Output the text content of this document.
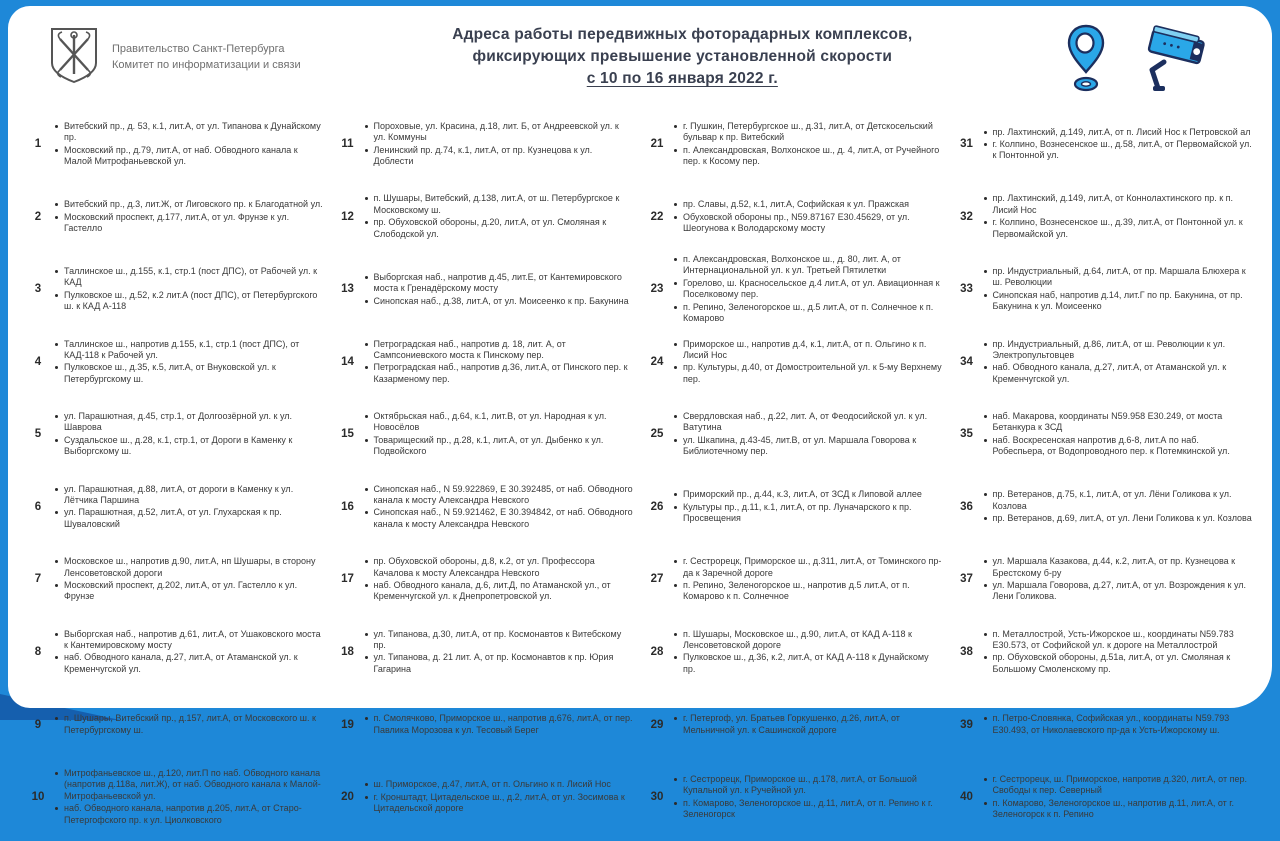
Правительство Санкт-Петербурга
Комитет по информатизации и связи
Адреса работы передвижных фоторадарных комплексов,
фиксирующих превышение установленной скорости
с 10 по 16 января 2022 г.
1
Витебский пр., д. 53, к.1, лит.А, от ул. Типанова к Дунайскому пр.
Московский пр., д.79, лит.А, от наб. Обводного канала к Малой Митрофаньевской ул.
2
Витебский пр., д.3, лит.Ж, от Лиговского пр. к Благодатной ул.
Московский проспект, д.177, лит.А, от ул. Фрунзе к ул. Гастелло
3
Таллинское ш., д.155, к.1, стр.1 (пост ДПС), от Рабочей ул. к КАД
Пулковское ш., д.52, к.2 лит.А (пост ДПС), от Петербургского ш. к КАД А-118
4
Таллинское ш., напротив д.155, к.1, стр.1 (пост ДПС), от КАД-118 к Рабочей ул.
Пулковское ш., д.35, к.5, лит.А, от Внуковской ул. к Петербургскому ш.
5
ул. Парашютная, д.45, стр.1, от Долгоозёрной ул. к ул. Шаврова
Суздальское ш., д.28, к.1, стр.1, от Дороги в Каменку к Выборгскому ш.
6
ул. Парашютная, д.88, лит.А, от дороги в Каменку к ул. Лётчика Паршина
ул. Парашютная, д.52, лит.А, от ул. Глухарская к пр. Шуваловский
7
Московское ш., напротив д.90, лит.А, нп Шушары, в сторону Ленсоветовской дороги
Московский проспект, д.202, лит.А, от ул. Гастелло к ул. Фрунзе
8
Выборгская наб., напротив д.61, лит.А, от Ушаковского моста к Кантемировскому мосту
наб. Обводного канала, д.27, лит.А, от Атаманской ул. к Кременчугской ул.
9
п. Шушары, Витебский пр., д.157, лит.А, от Московского ш. к Петербургскому ш.
10
Митрофаньевское ш., д.120, лит.П по наб. Обводного канала (напротив д.118а, лит.Ж), от наб. Обводного канала к Малой-Митрофаньевской ул.
наб. Обводного канала, напротив д.205, лит.А, от Старо-Петергофского пр. к ул. Циолковского
11
Пороховые, ул. Красина, д.18, лит. Б, от Андреевской ул. к ул. Коммуны
Ленинский пр. д.74, к.1, лит.А, от пр. Кузнецова к ул. Доблести
12
п. Шушары, Витебский, д.138, лит.А, от ш. Петербургское к Московскому ш.
пр. Обуховской обороны, д.20, лит.А, от ул. Смоляная к Слободской ул.
13
Выборгская наб., напротив д.45, лит.Е, от Кантемировского моста к Гренадёрскому мосту
Синопская наб., д.38, лит.А, от ул. Моисеенко к пр. Бакунина
14
Петроградская наб., напротив д. 18, лит. А, от Сампсониевского моста к Пинскому пер.
Петроградская наб., напротив д.36, лит.А, от Пинского пер. к Казарменому пер.
15
Октябрьская наб., д.64, к.1, лит.В, от ул. Народная к ул. Новосёлов
Товарищеский пр., д.28, к.1, лит.А, от ул. Дыбенко к ул. Подвойского
16
Синопская наб., N 59.922869, E 30.392485, от наб. Обводного канала к мосту Александра Невского
Синопская наб., N 59.921462, E 30.394842, от наб. Обводного канала к мосту Александра Невского
17
пр. Обуховской обороны, д.8, к.2, от ул. Профессора Качалова к мосту Александра Невского
наб. Обводного канала, д.6, лит.Д, по Атаманской ул., от Кременчугской ул. к Днепропетровской ул.
18
ул. Типанова, д.30, лит.А, от пр. Космонавтов к Витебскому пр.
ул. Типанова, д. 21 лит. А, от пр. Космонавтов к пр. Юрия Гагарина
19
п. Смолячково, Приморское ш., напротив д.676, лит.А, от пер. Павлика Морозова к ул. Тесовый Берег
20
ш. Приморское, д.47, лит.А, от п. Ольгино к п. Лисий Нос
г. Кронштадт, Цитадельское ш., д.2, лит.А, от ул. Зосимова к Цитадельской дороге
21
г. Пушкин, Петербургское ш., д.31, лит.А, от Детскосельский бульвар к пр. Витебский
п. Александровская, Волхонское ш., д. 4, лит.А, от Ручейного пер. к Косому пер.
22
пр. Славы, д.52, к.1, лит.А, Софийская к ул. Пражская
Обуховской обороны пр., N59.87167 E30.45629, от ул. Шеогунова к Володарскому мосту
23
п. Александровская, Волхонское ш., д. 80, лит. А, от Интернациональной ул. к ул. Третьей Пятилетки
Горелово, ш. Красносельское д.4 лит.А, от ул. Авиационная к Поселковому пер.
п. Репино, Зеленогорское ш., д.5 лит.А, от п. Солнечное к п. Комарово
24
Приморское ш., напротив д.4, к.1, лит.А, от п. Ольгино к п. Лисий Нос
пр. Культуры, д.40, от Домостроительной ул. к 5-му Верхнему пер.
25
Свердловская наб., д.22, лит. А, от Феодосийской ул. к ул. Ватутина
ул. Шкапина, д.43-45, лит.В, от ул. Маршала Говорова к Библиотечному пер.
26
Приморский пр., д.44, к.3, лит.А, от ЗСД к Липовой аллее
Культуры пр., д.11, к.1, лит.А, от пр. Луначарского к пр. Просвещения
27
г. Сестрорецк, Приморское ш., д.311, лит.А, от Томинского пр-да к Заречной дороге
п. Репино, Зеленогорское ш., напротив д.5 лит.А, от п. Комарово к п. Солнечное
28
п. Шушары, Московское ш., д.90, лит.А, от КАД А-118 к Ленсоветовской дороге
Пулковское ш., д.36, к.2, лит.А, от КАД А-118 к Дунайскому пр.
29
г. Петергоф, ул. Братьев Горкушенко, д.26, лит.А, от Мельничной ул. к Сашинской дороге
30
г. Сестрорецк, Приморское ш., д.178, лит.А, от Большой Купальной ул. к Ручейной ул.
п. Комарово, Зеленогорское ш., д.11, лит.А, от п. Репино к г. Зеленогорск
31
пр. Лахтинский, д.149, лит.А, от п. Лисий Нос к Петровской ал
г. Колпино, Вознесенское ш., д.58, лит.А, от Первомайской ул. к Понтонной ул.
32
пр. Лахтинский, д.149, лит.А, от Коннолахтинского пр. к п. Лисий Нос
г. Колпино, Вознесенское ш., д.39, лит.А, от Понтонной ул. к Первомайской ул.
33
пр. Индустриальный, д.64, лит.А, от пр. Маршала Блюхера к ш. Революции
Синопская наб, напротив д.14, лит.Г по пр. Бакунина, от пр. Бакунина к ул. Моисеенко
34
пр. Индустриальный, д.86, лит.А, от ш. Революции к ул. Электропультовцев
наб. Обводного канала, д.27, лит.А, от Атаманской ул. к Кременчугской ул.
35
наб. Макарова, координаты N59.958 E30.249, от моста Бетанкура к ЗСД
наб. Воскресенская напротив д.6-8, лит.А по наб. Робеспьера, от Водопроводного пер. к Потемкинской ул.
36
пр. Ветеранов, д.75, к.1, лит.А, от ул. Лёни Голикова к ул. Козлова
пр. Ветеранов, д.69, лит.А, от ул. Лени Голикова к ул. Козлова
37
ул. Маршала Казакова, д.44, к.2, лит.А, от пр. Кузнецова к Брестскому б-ру
ул. Маршала Говорова, д.27, лит.А, от ул. Возрождения к ул. Лени Голикова.
38
п. Металлострой, Усть-Ижорское ш., координаты N59.783 E30.573, от Софийской ул. к дороге на Металлострой
пр. Обуховской обороны, д.51а, лит.А, от ул. Смоляная к Большому Смоленскому пр.
39
п. Петро-Словянка, Софийская ул., координаты N59.793 E30.493, от Николаевского пр-да к Усть-Ижорскому ш.
40
г. Сестрорецк, ш. Приморское, напротив д.320, лит.А, от пер. Свободы к пер. Северный
п. Комарово, Зеленогорское ш., напротив д.11, лит.А, от г. Зеленогорск к п. Репино
